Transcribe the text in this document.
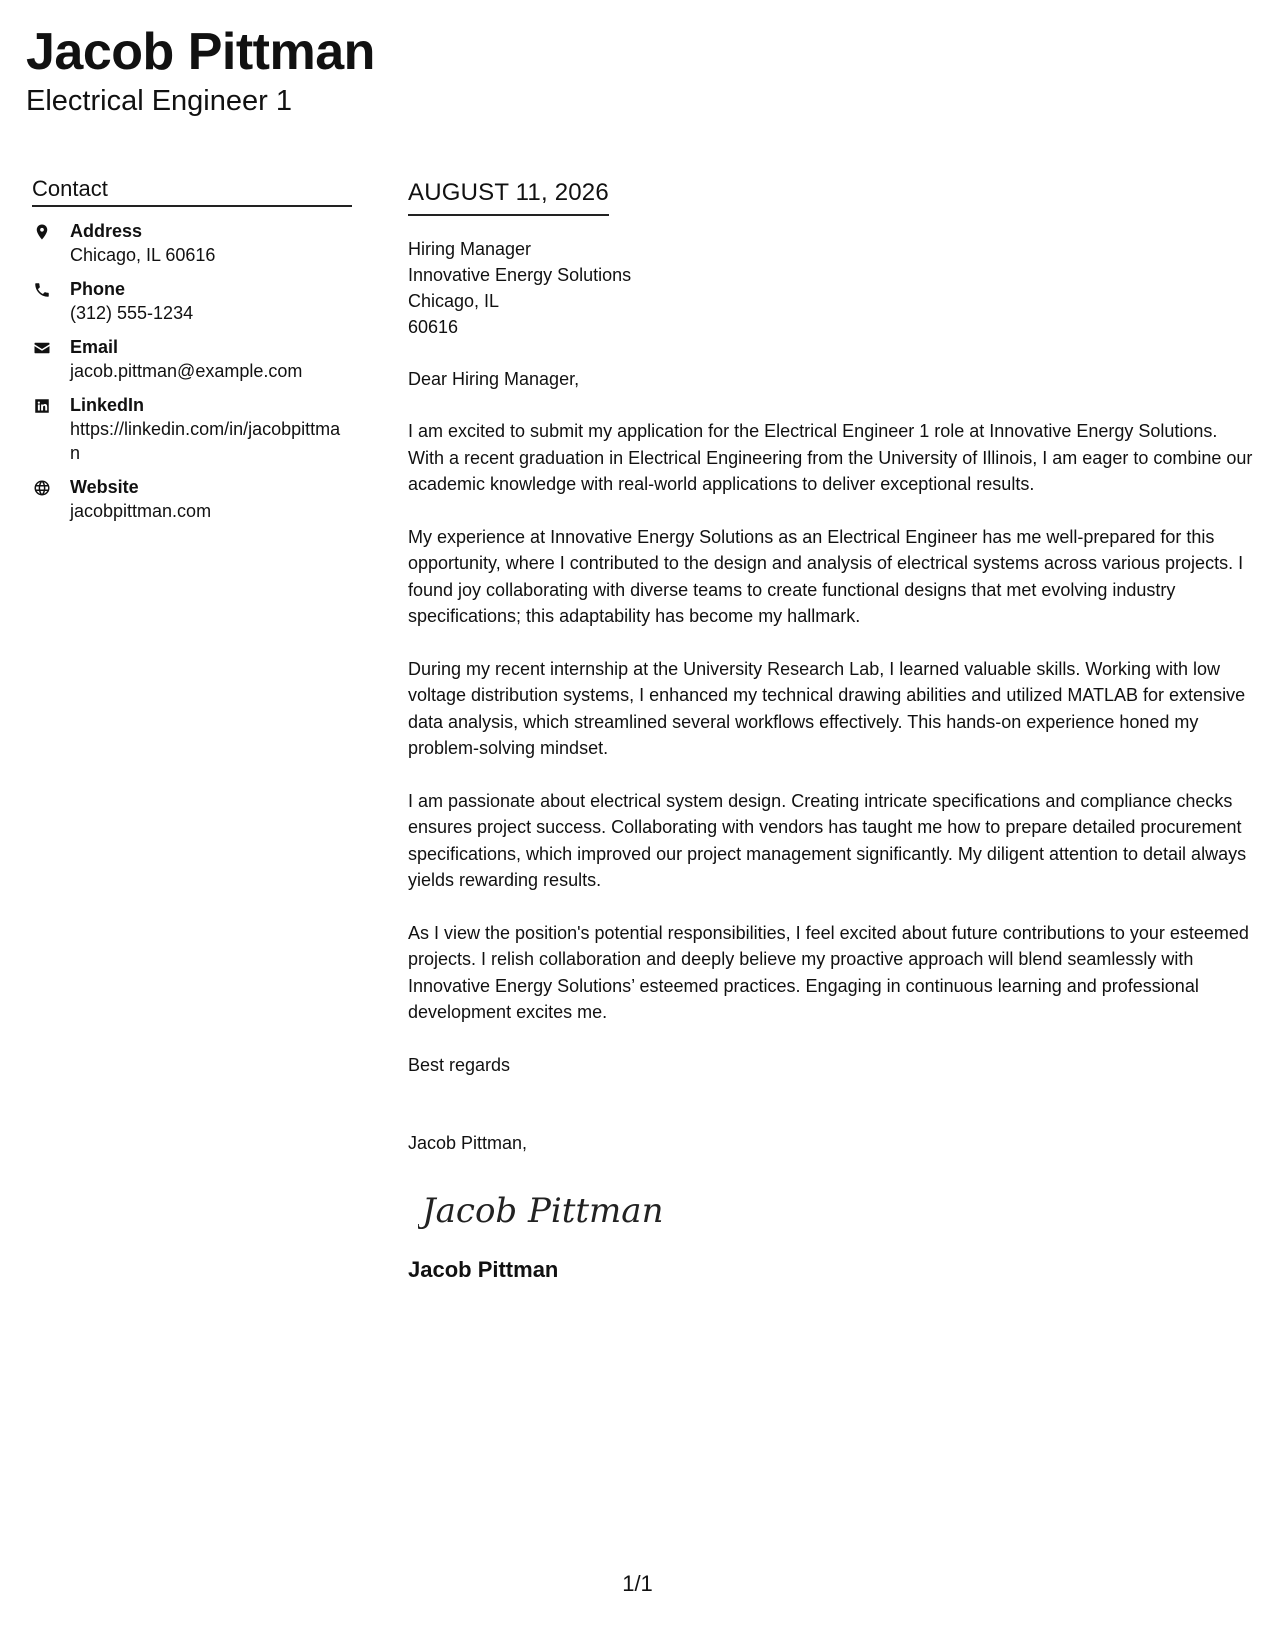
Jacob Pittman
Electrical Engineer 1
Contact
Address
Chicago, IL 60616
Phone
(312) 555-1234
Email
jacob.pittman@example.com
LinkedIn
https://linkedin.com/in/jacobpittman
Website
jacobpittman.com
AUGUST 11, 2026
Hiring Manager
Innovative Energy Solutions
Chicago, IL
60616
Dear Hiring Manager,
I am excited to submit my application for the Electrical Engineer 1 role at Innovative Energy Solutions. With a recent graduation in Electrical Engineering from the University of Illinois, I am eager to combine our academic knowledge with real-world applications to deliver exceptional results.
My experience at Innovative Energy Solutions as an Electrical Engineer has me well-prepared for this opportunity, where I contributed to the design and analysis of electrical systems across various projects. I found joy collaborating with diverse teams to create functional designs that met evolving industry specifications; this adaptability has become my hallmark.
During my recent internship at the University Research Lab, I learned valuable skills. Working with low voltage distribution systems, I enhanced my technical drawing abilities and utilized MATLAB for extensive data analysis, which streamlined several workflows effectively. This hands-on experience honed my problem-solving mindset.
I am passionate about electrical system design. Creating intricate specifications and compliance checks ensures project success. Collaborating with vendors has taught me how to prepare detailed procurement specifications, which improved our project management significantly. My diligent attention to detail always yields rewarding results.
As I view the position's potential responsibilities, I feel excited about future contributions to your esteemed projects. I relish collaboration and deeply believe my proactive approach will blend seamlessly with Innovative Energy Solutions’ esteemed practices. Engaging in continuous learning and professional development excites me.
Best regards
Jacob Pittman,
Jacob Pittman
Jacob Pittman
1/1
